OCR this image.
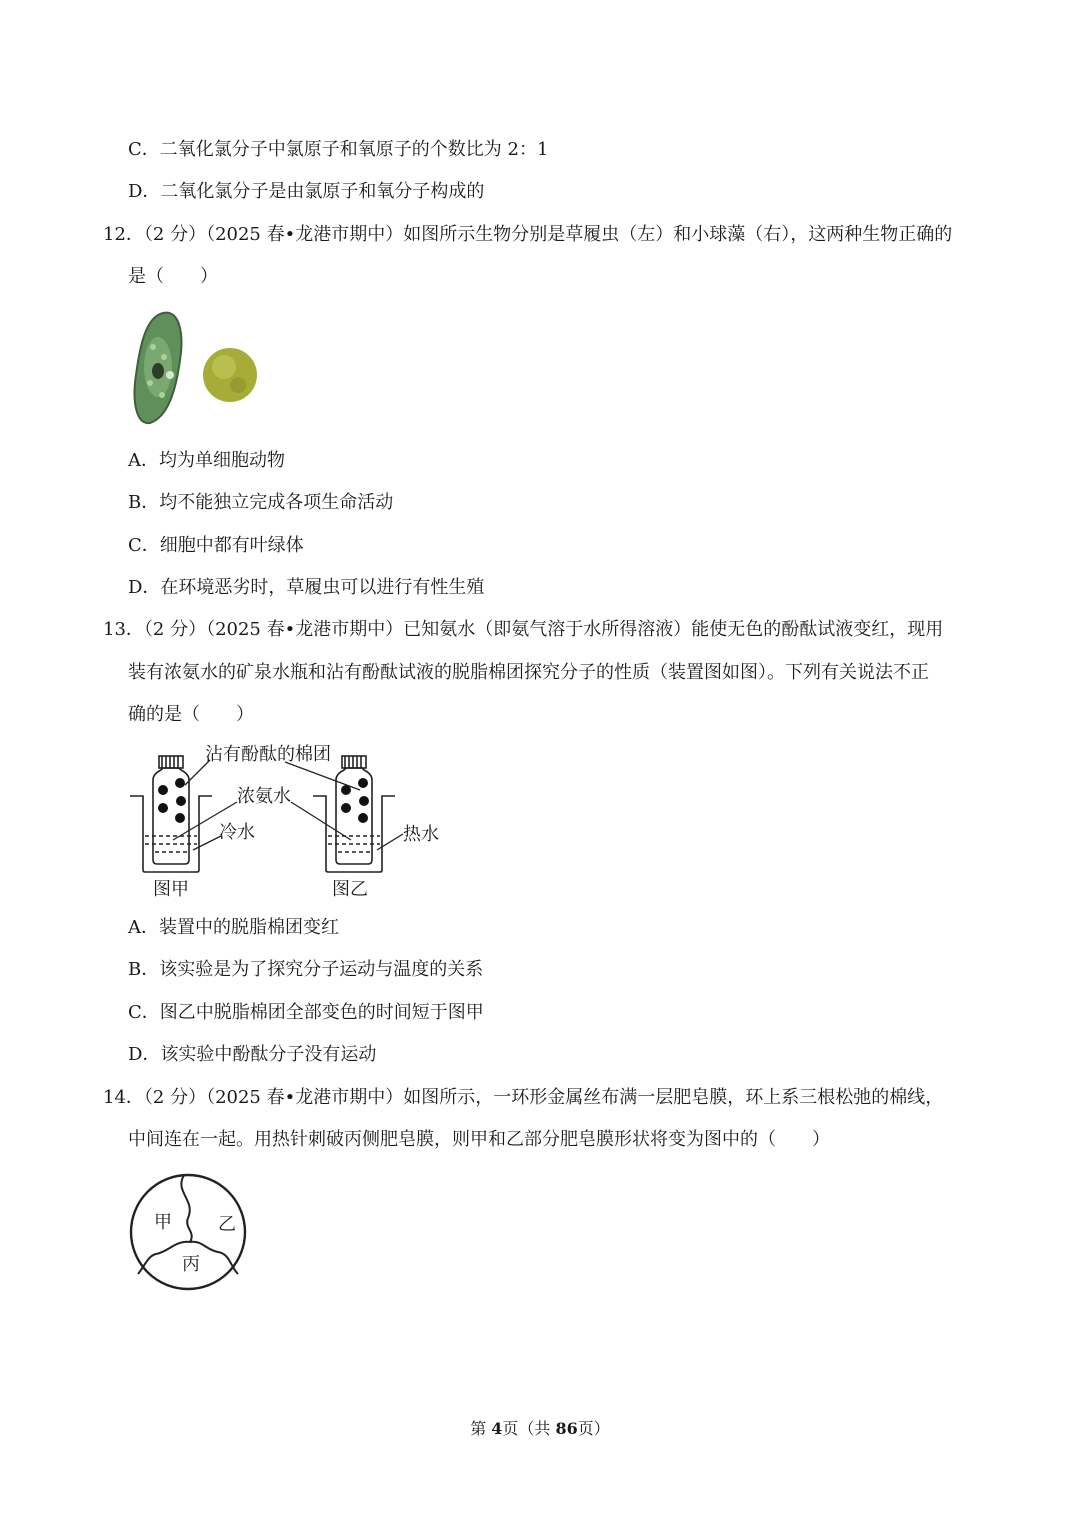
C．二氧化氯分子中氯原子和氧原子的个数比为 2：1
D．二氧化氯分子是由氯原子和氧分子构成的
12．（2 分）（2025 春•龙港市期中）如图所示生物分别是草履虫（左）和小球藻（右），这两种生物正确的
是（　　）
A．均为单细胞动物
B．均不能独立完成各项生命活动
C．细胞中都有叶绿体
D．在环境恶劣时，草履虫可以进行有性生殖
13．（2 分）（2025 春•龙港市期中）已知氨水（即氨气溶于水所得溶液）能使无色的酚酞试液变红，现用
装有浓氨水的矿泉水瓶和沾有酚酞试液的脱脂棉团探究分子的性质（装置图如图）。下列有关说法不正
确的是（　　）
沾有酚酞的棉团
浓氨水
冷水	热水
图甲	图乙
A．装置中的脱脂棉团变红
B．该实验是为了探究分子运动与温度的关系
C．图乙中脱脂棉团全部变色的时间短于图甲
D．该实验中酚酞分子没有运动
14．（2 分）（2025 春•龙港市期中）如图所示，一环形金属丝布满一层肥皂膜，环上系三根松弛的棉线，
中间连在一起。用热针刺破丙侧肥皂膜，则甲和乙部分肥皂膜形状将变为图中的（　　）
甲	乙
丙
第 4页（共 86页）
